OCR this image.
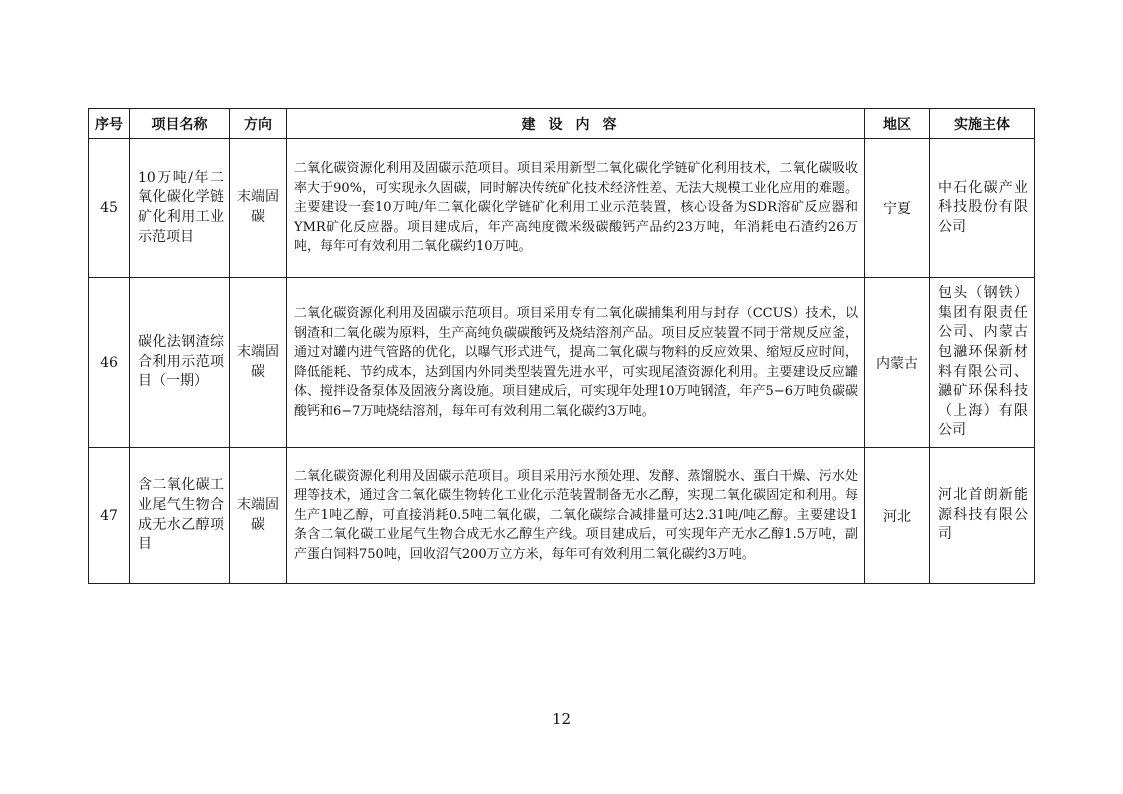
序号	项目名称	方向	建设内容	地区	实施主体
45	10万吨/年二氧化碳化学链矿化利用工业示范项目	末端固碳	二氧化碳资源化利用及固碳示范项目。项目采用新型二氧化碳化学链矿化利用技术，二氧化碳吸收率大于90%，可实现永久固碳，同时解决传统矿化技术经济性差、无法大规模工业化应用的难题。主要建设一套10万吨/年二氧化碳化学链矿化利用工业示范装置，核心设备为SDR溶矿反应器和YMR矿化反应器。项目建成后，年产高纯度微米级碳酸钙产品约23万吨，年消耗电石渣约26万吨，每年可有效利用二氧化碳约10万吨。	宁夏	中石化碳产业科技股份有限公司
46	碳化法钢渣综合利用示范项目（一期）	末端固碳	二氧化碳资源化利用及固碳示范项目。项目采用专有二氧化碳捕集利用与封存（CCUS）技术，以钢渣和二氧化碳为原料，生产高纯负碳碳酸钙及烧结溶剂产品。项目反应装置不同于常规反应釜，通过对罐内进气管路的优化，以曝气形式进气，提高二氧化碳与物料的反应效果、缩短反应时间，降低能耗、节约成本，达到国内外同类型装置先进水平，可实现尾渣资源化利用。主要建设反应罐体、搅拌设备泵体及固液分离设施。项目建成后，可实现年处理10万吨钢渣，年产5−6万吨负碳碳酸钙和6−7万吨烧结溶剂，每年可有效利用二氧化碳约3万吨。	内蒙古	包头（钢铁）集团有限责任公司、内蒙古包瀜环保新材料有限公司、瀜矿环保科技（上海）有限公司
47	含二氧化碳工业尾气生物合成无水乙醇项目	末端固碳	二氧化碳资源化利用及固碳示范项目。项目采用污水预处理、发酵、蒸馏脱水、蛋白干燥、污水处理等技术，通过含二氧化碳生物转化工业化示范装置制备无水乙醇，实现二氧化碳固定和利用。每生产1吨乙醇，可直接消耗0.5吨二氧化碳，二氧化碳综合减排量可达2.31吨/吨乙醇。主要建设1条含二氧化碳工业尾气生物合成无水乙醇生产线。项目建成后，可实现年产无水乙醇1.5万吨，副产蛋白饲料750吨，回收沼气200万立方米，每年可有效利用二氧化碳约3万吨。	河北	河北首朗新能源科技有限公司
12
